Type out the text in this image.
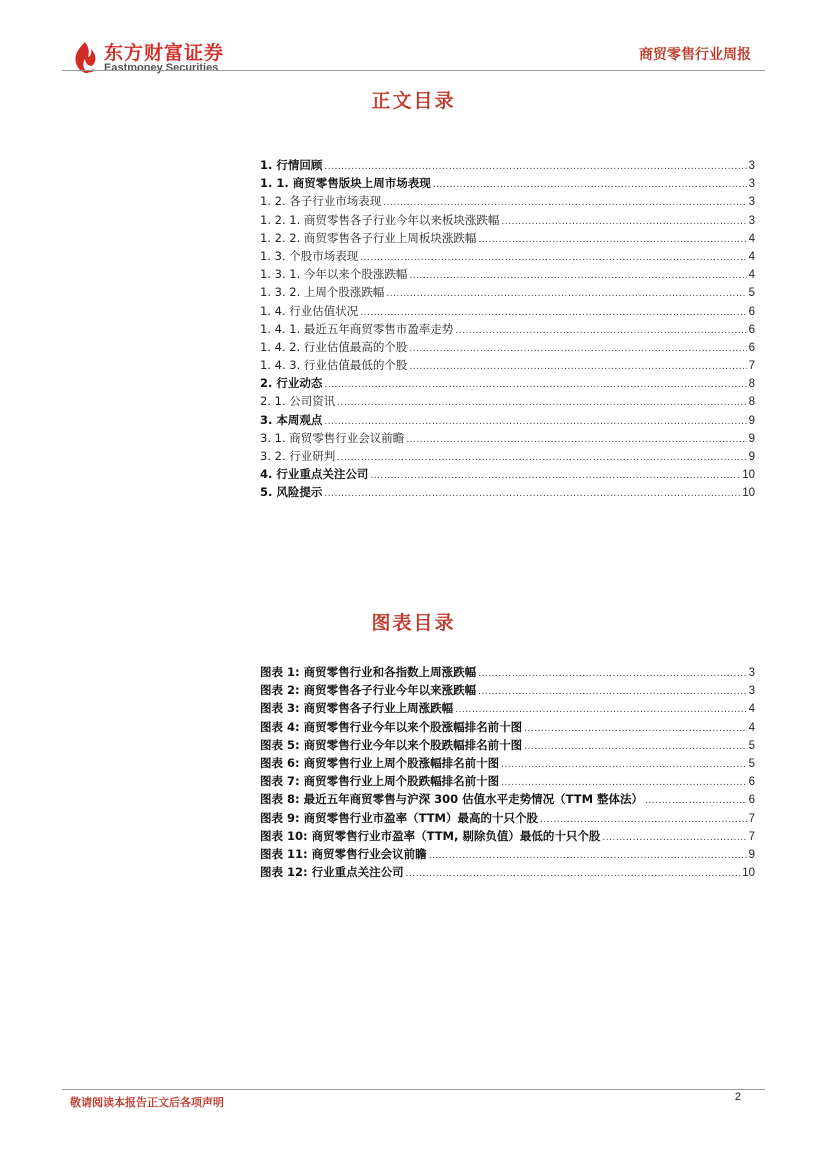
东方财富证券
Eastmoney Securities
商贸零售行业周报
正文目录
1. 行情回顾 .....	3
1. 1. 商贸零售版块上周市场表现 .....	3
1. 2. 各子行业市场表现 .....	3
1. 2. 1. 商贸零售各子行业今年以来板块涨跌幅 .....	3
1. 2. 2. 商贸零售各子行业上周板块涨跌幅 .....	4
1. 3. 个股市场表现 .....	4
1. 3. 1. 今年以来个股涨跌幅 .....	4
1. 3. 2. 上周个股涨跌幅 .....	5
1. 4. 行业估值状况 .....	6
1. 4. 1. 最近五年商贸零售市盈率走势 .....	6
1. 4. 2. 行业估值最高的个股 .....	6
1. 4. 3. 行业估值最低的个股 .....	7
2. 行业动态 .....	8
2. 1. 公司资讯 .....	8
3. 本周观点 .....	9
3. 1. 商贸零售行业会议前瞻 .....	9
3. 2. 行业研判 .....	9
4. 行业重点关注公司 .....	10
5. 风险提示 .....	10
图表目录
图表 1: 商贸零售行业和各指数上周涨跌幅 .....	3
图表 2: 商贸零售各子行业今年以来涨跌幅 .....	3
图表 3: 商贸零售各子行业上周涨跌幅 .....	4
图表 4: 商贸零售行业今年以来个股涨幅排名前十图 .....	4
图表 5: 商贸零售行业今年以来个股跌幅排名前十图 .....	5
图表 6: 商贸零售行业上周个股涨幅排名前十图 .....	5
图表 7: 商贸零售行业上周个股跌幅排名前十图 .....	6
图表 8: 最近五年商贸零售与沪深 300 估值水平走势情况（TTM 整体法） .....	6
图表 9: 商贸零售行业市盈率（TTM）最高的十只个股 .....	7
图表 10: 商贸零售行业市盈率（TTM, 剔除负值）最低的十只个股 .....	7
图表 11: 商贸零售行业会议前瞻 .....	9
图表 12: 行业重点关注公司 .....	10
敬请阅读本报告正文后各项声明	2
